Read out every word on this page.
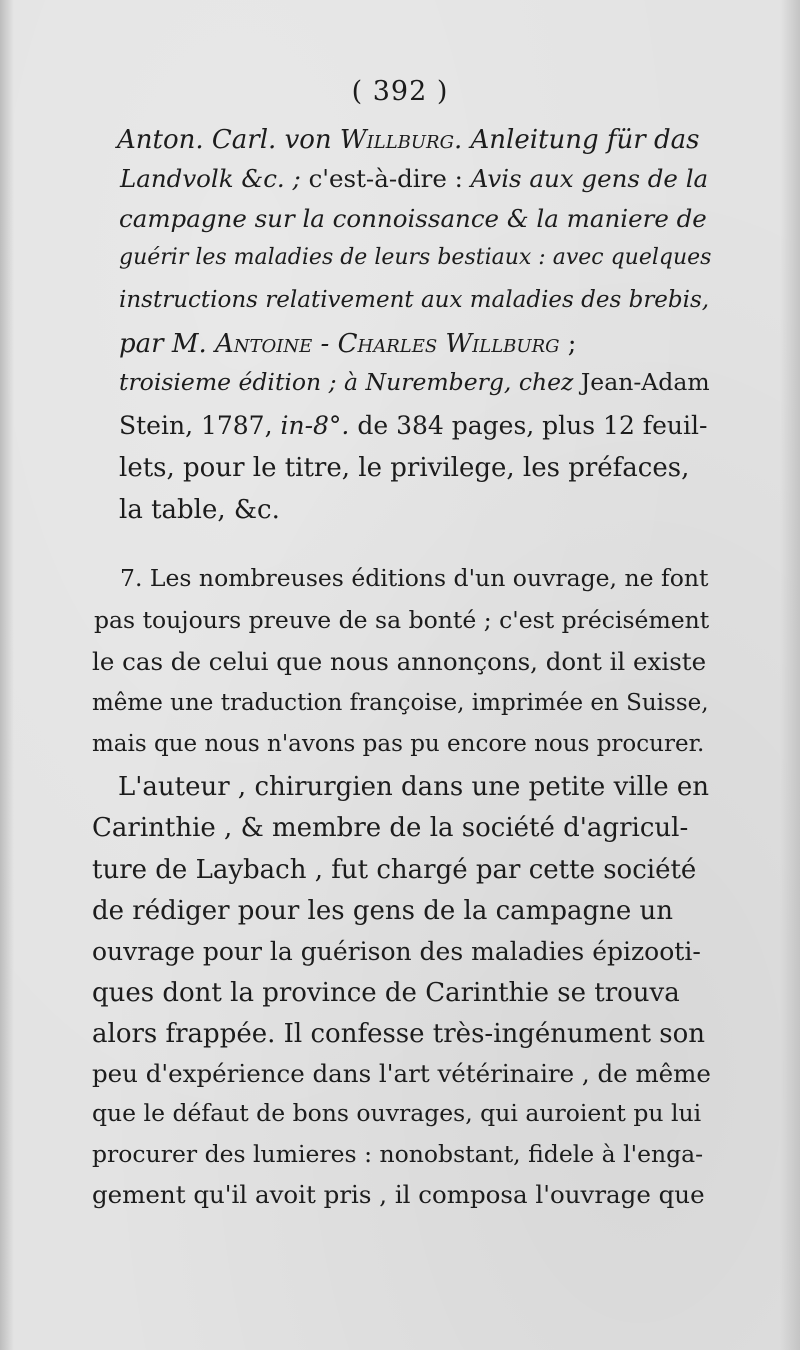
( 392 )
Anton. Carl. von Willburg. Anleitung für das
Landvolk &c. ; c'est-à-dire : Avis aux gens de la
campagne sur la connoissance & la maniere de
guérir les maladies de leurs bestiaux : avec quelques
instructions relativement aux maladies des brebis,
par M. Antoine - Charles Willburg ;
troisieme édition ; à Nuremberg, chez Jean-Adam
Stein, 1787, in-8°. de 384 pages, plus 12 feuil-
lets, pour le titre, le privilege, les préfaces,
la table, &c.
7. Les nombreuses éditions d'un ouvrage, ne font
pas toujours preuve de sa bonté ; c'est précisément
le cas de celui que nous annonçons, dont il existe
même une traduction françoise, imprimée en Suisse,
mais que nous n'avons pas pu encore nous procurer.
L'auteur , chirurgien dans une petite ville en
Carinthie , & membre de la société d'agricul-
ture de Laybach , fut chargé par cette société
de rédiger pour les gens de la campagne un
ouvrage pour la guérison des maladies épizooti-
ques dont la province de Carinthie se trouva
alors frappée. Il confesse très-ingénument son
peu d'expérience dans l'art vétérinaire , de même
que le défaut de bons ouvrages, qui auroient pu lui
procurer des lumieres : nonobstant, fidele à l'enga-
gement qu'il avoit pris , il composa l'ouvrage que
